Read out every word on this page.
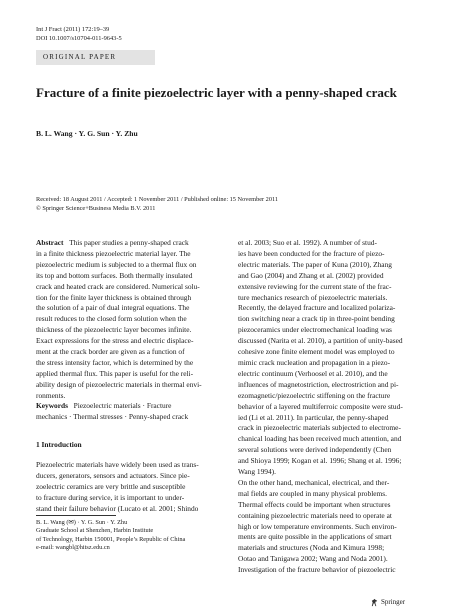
Int J Fract (2011) 172:19–39
DOI 10.1007/s10704-011-9643-5
ORIGINAL PAPER
Fracture of a finite piezoelectric layer with a penny-shaped crack
B. L. Wang · Y. G. Sun · Y. Zhu
Received: 18 August 2011 / Accepted: 1 November 2011 / Published online: 15 November 2011
© Springer Science+Business Media B.V. 2011
Abstract This paper studies a penny-shaped crack
in a finite thickness piezoelectric material layer. The
piezoelectric medium is subjected to a thermal flux on
its top and bottom surfaces. Both thermally insulated
crack and heated crack are considered. Numerical solu-
tion for the finite layer thickness is obtained through
the solution of a pair of dual integral equations. The
result reduces to the closed form solution when the
thickness of the piezoelectric layer becomes infinite.
Exact expressions for the stress and electric displace-
ment at the crack border are given as a function of
the stress intensity factor, which is determined by the
applied thermal flux. This paper is useful for the reli-
ability design of piezoelectric materials in thermal envi-
ronments.
Keywords Piezoelectric materials · Fracture
mechanics · Thermal stresses · Penny-shaped crack
1 Introduction
Piezoelectric materials have widely been used as trans-
ducers, generators, sensors and actuators. Since pie-
zoelectric ceramics are very brittle and susceptible
to fracture during service, it is important to under-
stand their failure behavior (Lucato et al. 2001; Shindo
B. L. Wang (✉) · Y. G. Sun · Y. Zhu
Graduate School at Shenzhen, Harbin Institute
of Technology, Harbin 150001, People’s Republic of China
e-mail: wangbl@hitsz.edu.cn
et al. 2003; Suo et al. 1992). A number of stud-
ies have been conducted for the fracture of piezo-
electric materials. The paper of Kuna (2010), Zhang
and Gao (2004) and Zhang et al. (2002) provided
extensive reviewing for the current state of the frac-
ture mechanics research of piezoelectric materials.
Recently, the delayed fracture and localized polariza-
tion switching near a crack tip in three-point bending
piezoceramics under electromechanical loading was
discussed (Narita et al. 2010), a partition of unity-based
cohesive zone finite element model was employed to
mimic crack nucleation and propagation in a piezo-
electric continuum (Verhoosel et al. 2010), and the
influences of magnetostriction, electrostriction and pi-
ezomagnetic/piezoelectric stiffening on the fracture
behavior of a layered multiferroic composite were stud-
ied (Li et al. 2011). In particular, the penny-shaped
crack in piezoelectric materials subjected to electrome-
chanical loading has been received much attention, and
several solutions were derived independently (Chen
and Shioya 1999; Kogan et al. 1996; Shang et al. 1996;
Wang 1994).
On the other hand, mechanical, electrical, and ther-
mal fields are coupled in many physical problems.
Thermal effects could be important when structures
containing piezoelectric materials need to operate at
high or low temperature environments. Such environ-
ments are quite possible in the applications of smart
materials and structures (Noda and Kimura 1998;
Ootao and Tanigawa 2002; Wang and Noda 2001).
Investigation of the fracture behavior of piezoelectric
Springer
